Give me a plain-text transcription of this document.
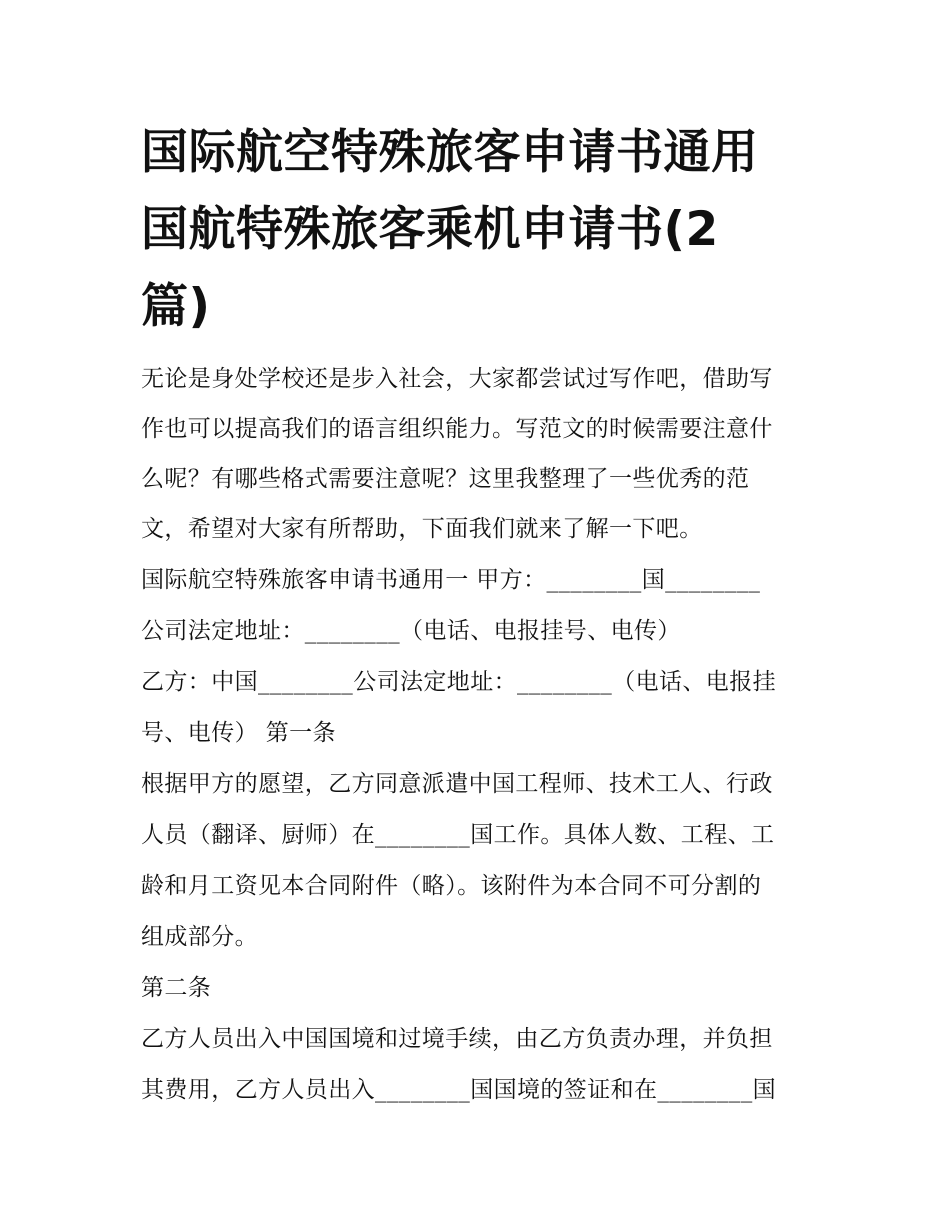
国际航空特殊旅客申请书通用
国航特殊旅客乘机申请书(2
篇)

无论是身处学校还是步入社会，大家都尝试过写作吧，借助写

作也可以提高我们的语言组织能力。写范文的时候需要注意什

么呢？有哪些格式需要注意呢？这里我整理了一些优秀的范

文，希望对大家有所帮助，下面我们就来了解一下吧。

国际航空特殊旅客申请书通用一 甲方：________国________

公司法定地址：________（电话、电报挂号、电传）

乙方：中国________公司法定地址：________（电话、电报挂

号、电传） 第一条

根据甲方的愿望，乙方同意派遣中国工程师、技术工人、行政

人员（翻译、厨师）在________国工作。具体人数、工程、工

龄和月工资见本合同附件（略）。该附件为本合同不可分割的

组成部分。

第二条

乙方人员出入中国国境和过境手续，由乙方负责办理，并负担

其费用，乙方人员出入________国国境的签证和在________国
